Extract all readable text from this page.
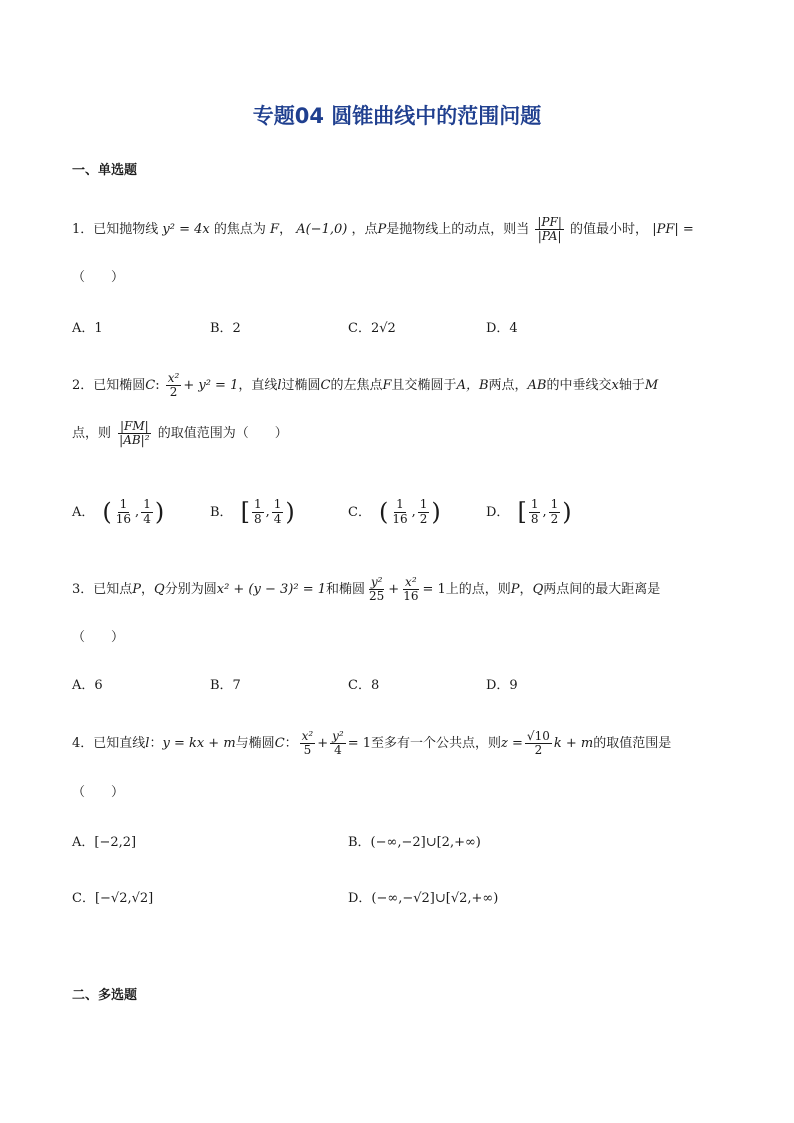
专题04 圆锥曲线中的范围问题
一、单选题
1．已知抛物线 y² = 4x 的焦点为 F， A(−1,0) ，点P是抛物线上的动点，则当 $\frac{|PF|}{|PA|}$ 的值最小时， |PF| =
（　　）
A．1	B．2	C．2√2	D．4
2．已知椭圆C: $\frac{\text{x²}}{2} + y^2 = 1$，直线l过椭圆C的左焦点F且交椭圆于A，B两点，AB的中垂线交x轴于M
点，则 $\frac{|FM|}{\text{|AB|²}}$ 的取值范围为（　　）
A． ( $\frac{1}{16}$ , $\frac{1}{4}$ )	B． [ $\frac{1}{8}$ , $\frac{1}{4}$ )	C． ( $\frac{1}{16}$ , $\frac{1}{2}$ )	D． [ $\frac{1}{8}$ , $\frac{1}{2}$ )
3．已知点P，Q分别为圆x² + (y − 3)² = 1和椭圆 $\frac{\text{y²}}{25} + \frac{\text{x²}}{16} = 1$上的点，则P，Q两点间的最大距离是
（　　）
A．6	B．7	C．8	D．9
4．已知直线l：y = kx + m与椭圆C： $\frac{\text{x²}}{5} + \frac{\text{y²}}{4} = 1$至多有一个公共点，则$z = \frac{√10}{2}$ k + m的取值范围是
（　　）
A．[−2,2]	B．(−∞,−2]∪[2,+∞)
C．[−√2,√2]	D．(−∞,−√2]∪[√2,+∞)
二、多选题
